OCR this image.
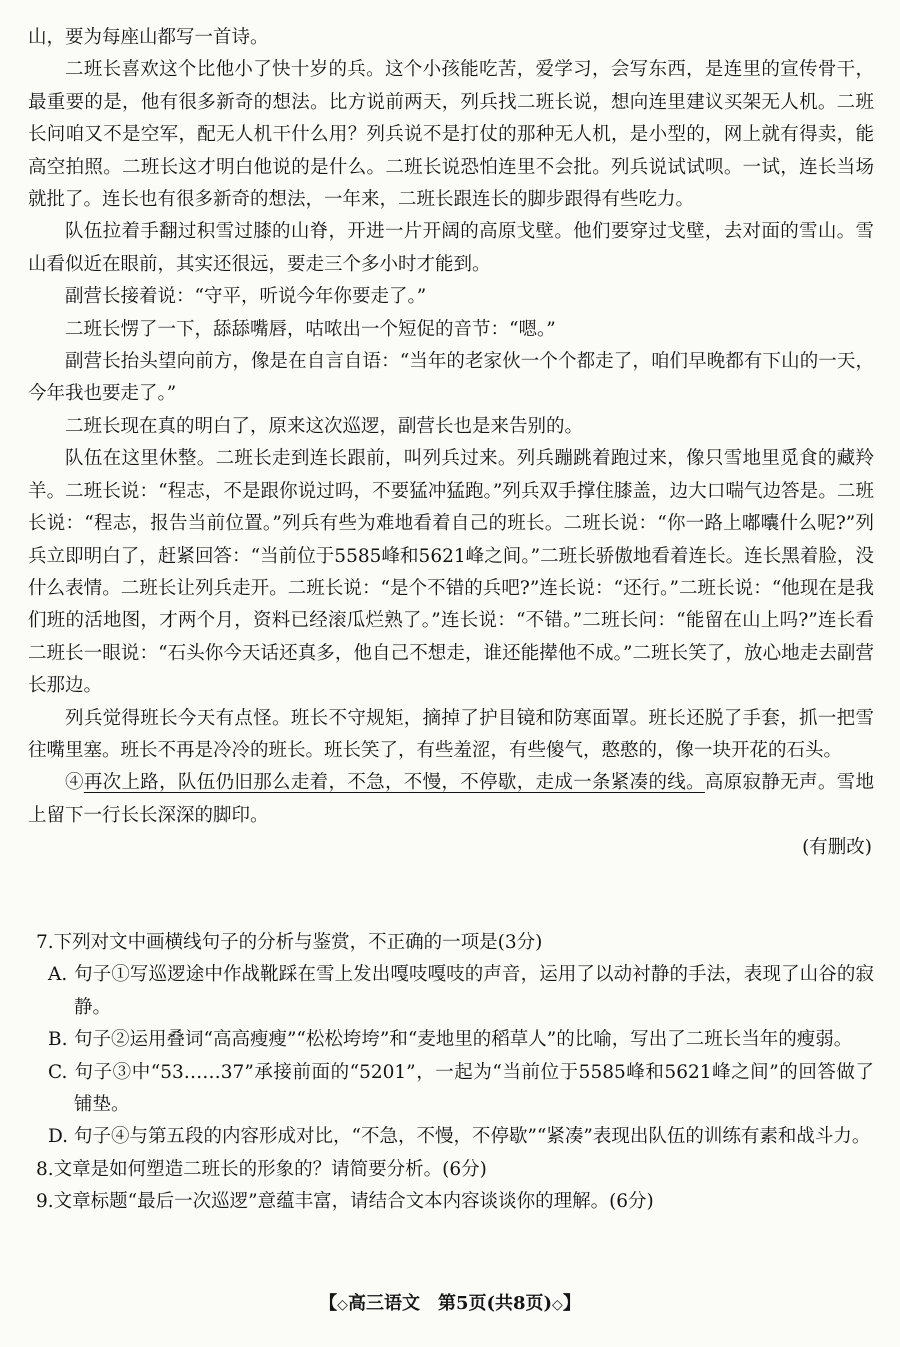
山，要为每座山都写一首诗。

二班长喜欢这个比他小了快十岁的兵。这个小孩能吃苦，爱学习，会写东西，是连里的宣传骨干，最重要的是，他有很多新奇的想法。比方说前两天，列兵找二班长说，想向连里建议买架无人机。二班长问咱又不是空军，配无人机干什么用？列兵说不是打仗的那种无人机，是小型的，网上就有得卖，能高空拍照。二班长这才明白他说的是什么。二班长说恐怕连里不会批。列兵说试试呗。一试，连长当场就批了。连长也有很多新奇的想法，一年来，二班长跟连长的脚步跟得有些吃力。

队伍拉着手翻过积雪过膝的山脊，开进一片开阔的高原戈壁。他们要穿过戈壁，去对面的雪山。雪山看似近在眼前，其实还很远，要走三个多小时才能到。

副营长接着说：“守平，听说今年你要走了。”

二班长愣了一下，舔舔嘴唇，咕哝出一个短促的音节：“嗯。”

副营长抬头望向前方，像是在自言自语：“当年的老家伙一个个都走了，咱们早晚都有下山的一天，今年我也要走了。”

二班长现在真的明白了，原来这次巡逻，副营长也是来告别的。

队伍在这里休整。二班长走到连长跟前，叫列兵过来。列兵蹦跳着跑过来，像只雪地里觅食的藏羚羊。二班长说：“程志，不是跟你说过吗，不要猛冲猛跑。”列兵双手撑住膝盖，边大口喘气边答是。二班长说：“程志，报告当前位置。”列兵有些为难地看着自己的班长。二班长说：“你一路上嘟囔什么呢?”列兵立即明白了，赶紧回答：“当前位于5585峰和5621峰之间。”二班长骄傲地看着连长。连长黑着脸，没什么表情。二班长让列兵走开。二班长说：“是个不错的兵吧?”连长说：“还行。”二班长说：“他现在是我们班的活地图，才两个月，资料已经滚瓜烂熟了。”连长说：“不错。”二班长问：“能留在山上吗?”连长看二班长一眼说：“石头你今天话还真多，他自己不想走，谁还能撵他不成。”二班长笑了，放心地走去副营长那边。

列兵觉得班长今天有点怪。班长不守规矩，摘掉了护目镜和防寒面罩。班长还脱了手套，抓一把雪往嘴里塞。班长不再是冷冷的班长。班长笑了，有些羞涩，有些傻气，憨憨的，像一块开花的石头。

④再次上路，队伍仍旧那么走着，不急，不慢，不停歇，走成一条紧凑的线。高原寂静无声。雪地上留下一行长长深深的脚印。

(有删改)

7.下列对文中画横线句子的分析与鉴赏，不正确的一项是(3分)

A. 句子①写巡逻途中作战靴踩在雪上发出嘎吱嘎吱的声音，运用了以动衬静的手法，表现了山谷的寂静。

B. 句子②运用叠词“高高瘦瘦”“松松垮垮”和“麦地里的稻草人”的比喻，写出了二班长当年的瘦弱。

C. 句子③中“53……37”承接前面的“5201”，一起为“当前位于5585峰和5621峰之间”的回答做了铺垫。

D. 句子④与第五段的内容形成对比，“不急，不慢，不停歇”“紧凑”表现出队伍的训练有素和战斗力。

8.文章是如何塑造二班长的形象的？请简要分析。(6分)

9.文章标题“最后一次巡逻”意蕴丰富，请结合文本内容谈谈你的理解。(6分)

【◇高三语文　第5页(共8页)◇】
